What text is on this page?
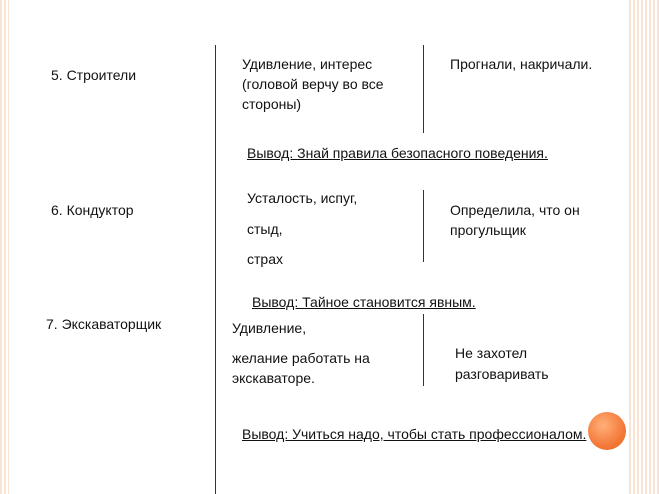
5. Строители
Удивление, интерес
(головой верчу во все
стороны)
Прогнали, накричали.
Вывод: Знай правила безопасного поведения.
6. Кондуктор
Усталость, испуг,
стыд,
страх
Определила, что он
прогульщик
Вывод: Тайное становится явным.
7. Экскаваторщик	Удивление,
желание работать на
экскаваторе.
Не захотел
разговаривать
Вывод: Учиться надо, чтобы стать профессионалом.
